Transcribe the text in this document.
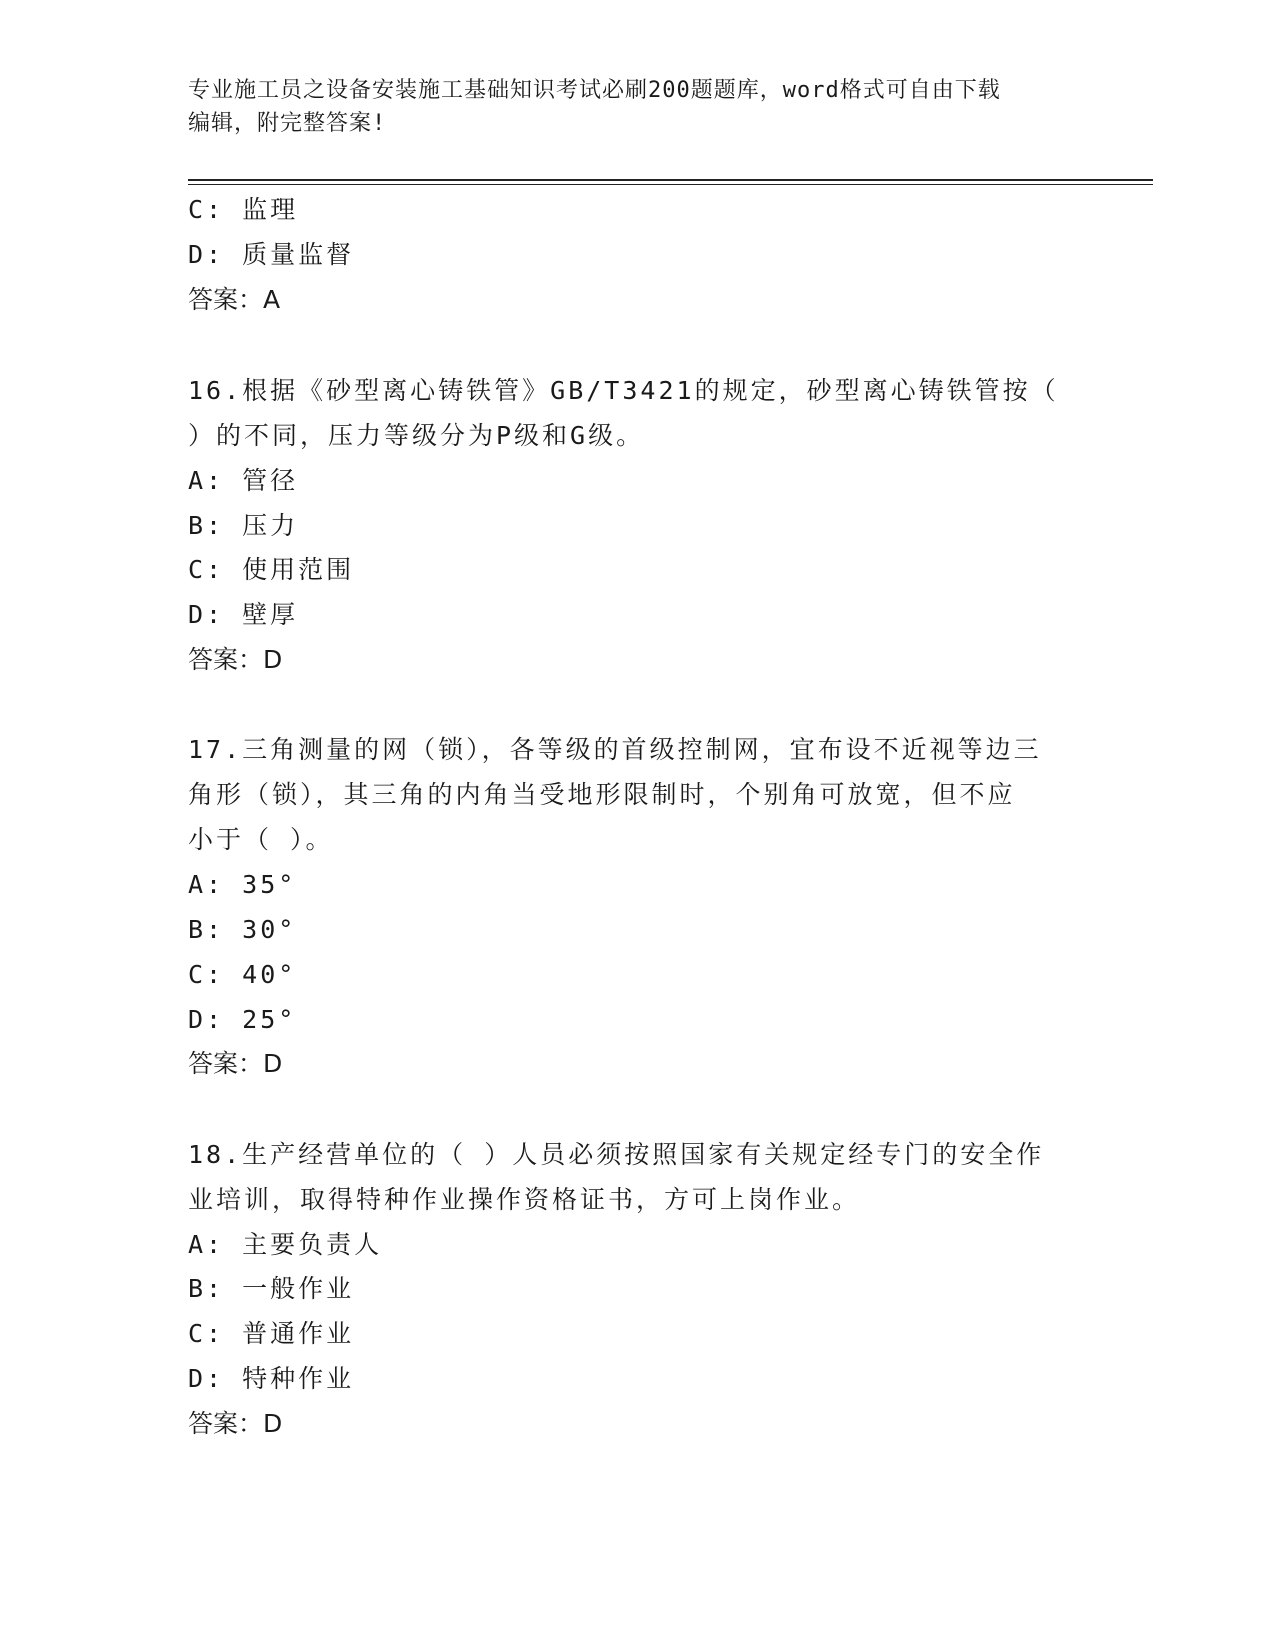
专业施工员之设备安装施工基础知识考试必刷200题题库，word格式可自由下载
编辑，附完整答案!
C: 监理
D: 质量监督
答案：A
16.根据《砂型离心铸铁管》GB/T3421的规定，砂型离心铸铁管按（
）的不同，压力等级分为P级和G级。
A: 管径
B: 压力
C: 使用范围
D: 壁厚
答案：D
17.三角测量的网（锁），各等级的首级控制网，宜布设不近视等边三
角形（锁），其三角的内角当受地形限制时，个别角可放宽，但不应
小于（ ）。
A: 35°
B: 30°
C: 40°
D: 25°
答案：D
18.生产经营单位的（ ）人员必须按照国家有关规定经专门的安全作
业培训，取得特种作业操作资格证书，方可上岗作业。
A: 主要负责人
B: 一般作业
C: 普通作业
D: 特种作业
答案：D
